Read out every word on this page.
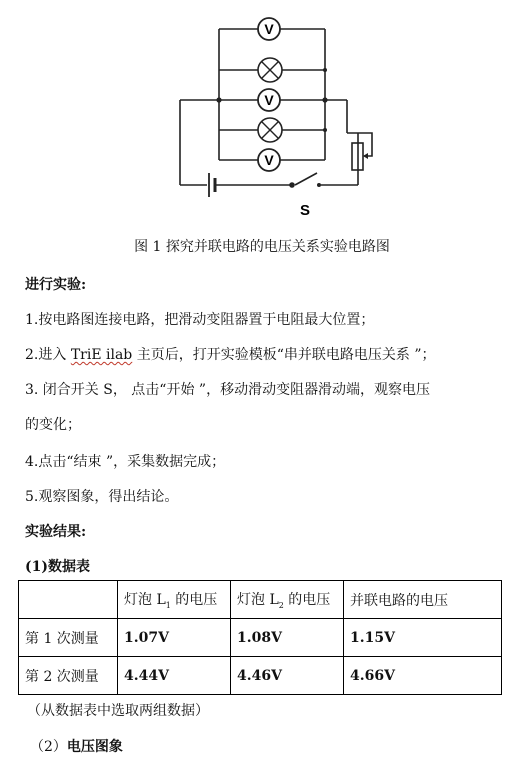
V
V
V
S
图 1 探究并联电路的电压关系实验电路图
进行实验:
1.按电路图连接电路，把滑动变阻器置于电阻最大位置；
2.进入 TriE ilab 主页后，打开实验模板“串并联电路电压关系 ”；
3. 闭合开关 S， 点击“开始 ”，移动滑动变阻器滑动端，观察电压
的变化；
4.点击“结束 ”，采集数据完成；
5.观察图象，得出结论。
实验结果:
(1)数据表
	灯泡 $L_1$ 的电压	灯泡 $L_2$ 的电压	并联电路的电压
第 1 次测量	1.07V	1.08V	1.15V
第 2 次测量	4.44V	4.46V	4.66V
（从数据表中选取两组数据）
（2）电压图象
